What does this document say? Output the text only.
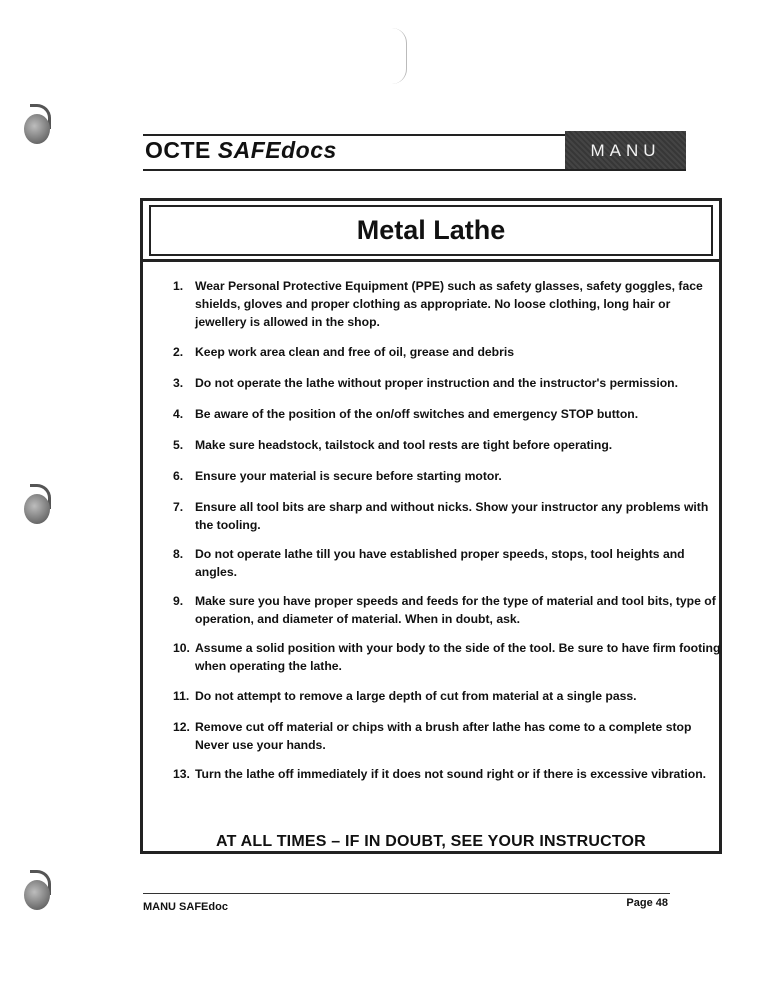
OCTE SAFEdocs	MANU
Metal Lathe
1. Wear Personal Protective Equipment (PPE) such as safety glasses, safety goggles, face shields, gloves and proper clothing as appropriate. No loose clothing, long hair or jewellery is allowed in the shop.
2. Keep work area clean and free of oil, grease and debris
3. Do not operate the lathe without proper instruction and the instructor's permission.
4. Be aware of the position of the on/off switches and emergency STOP button.
5. Make sure headstock, tailstock and tool rests are tight before operating.
6. Ensure your material is secure before starting motor.
7. Ensure all tool bits are sharp and without nicks. Show your instructor any problems with the tooling.
8. Do not operate lathe till you have established proper speeds, stops, tool heights and angles.
9. Make sure you have proper speeds and feeds for the type of material and tool bits, type of operation, and diameter of material. When in doubt, ask.
10. Assume a solid position with your body to the side of the tool. Be sure to have firm footing when operating the lathe.
11. Do not attempt to remove a large depth of cut from material at a single pass.
12. Remove cut off material or chips with a brush after lathe has come to a complete stop Never use your hands.
13. Turn the lathe off immediately if it does not sound right or if there is excessive vibration.
AT ALL TIMES – IF IN DOUBT, SEE YOUR INSTRUCTOR
MANU SAFEdoc	Page 48
